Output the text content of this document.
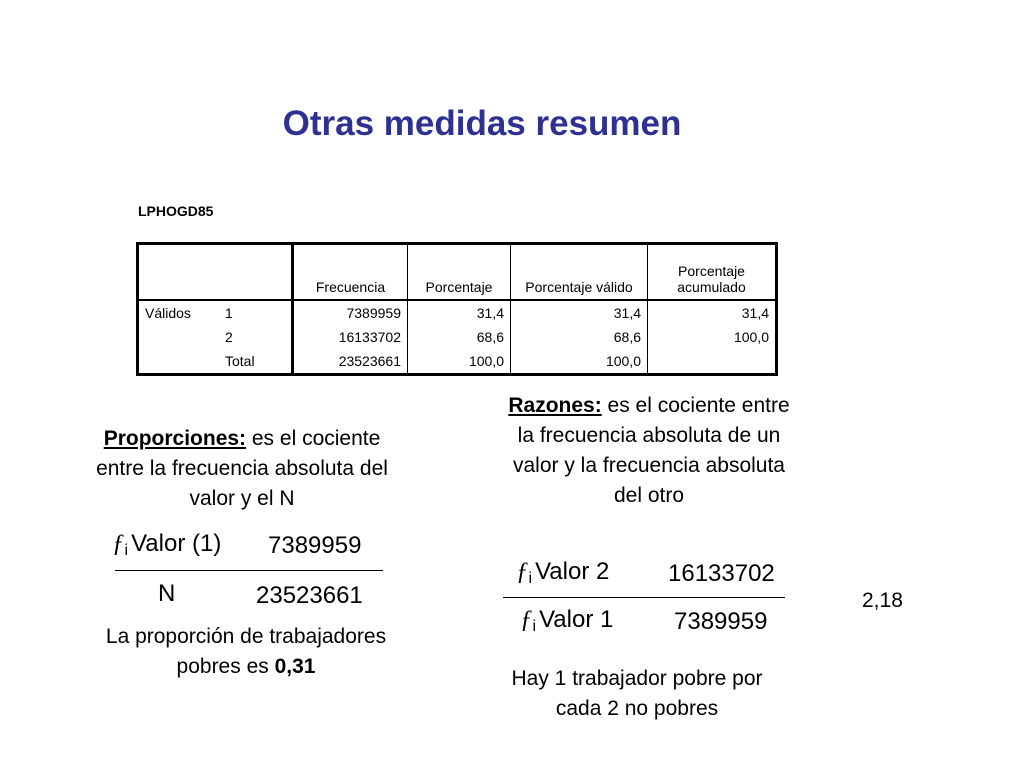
Otras medidas resumen
LPHOGD85
		Frecuencia	Porcentaje	Porcentaje válido	Porcentaje acumulado
Válidos	1	7389959	31,4	31,4	31,4
	2	16133702	68,6	68,6	100,0
	Total	23523661	100,0	100,0	
Proporciones: es el cociente entre la frecuencia absoluta del valor y el N
$ƒ_i$ Valor (1) 7389959
N	23523661
La proporción de trabajadores pobres es 0,31
Razones: es el cociente entre la frecuencia absoluta de un valor y la frecuencia absoluta del otro
$ƒ_i$ Valor 2 16133702
$ƒ_i$ Valor 1	7389959
2,18
Hay 1 trabajador pobre por cada 2 no pobres
